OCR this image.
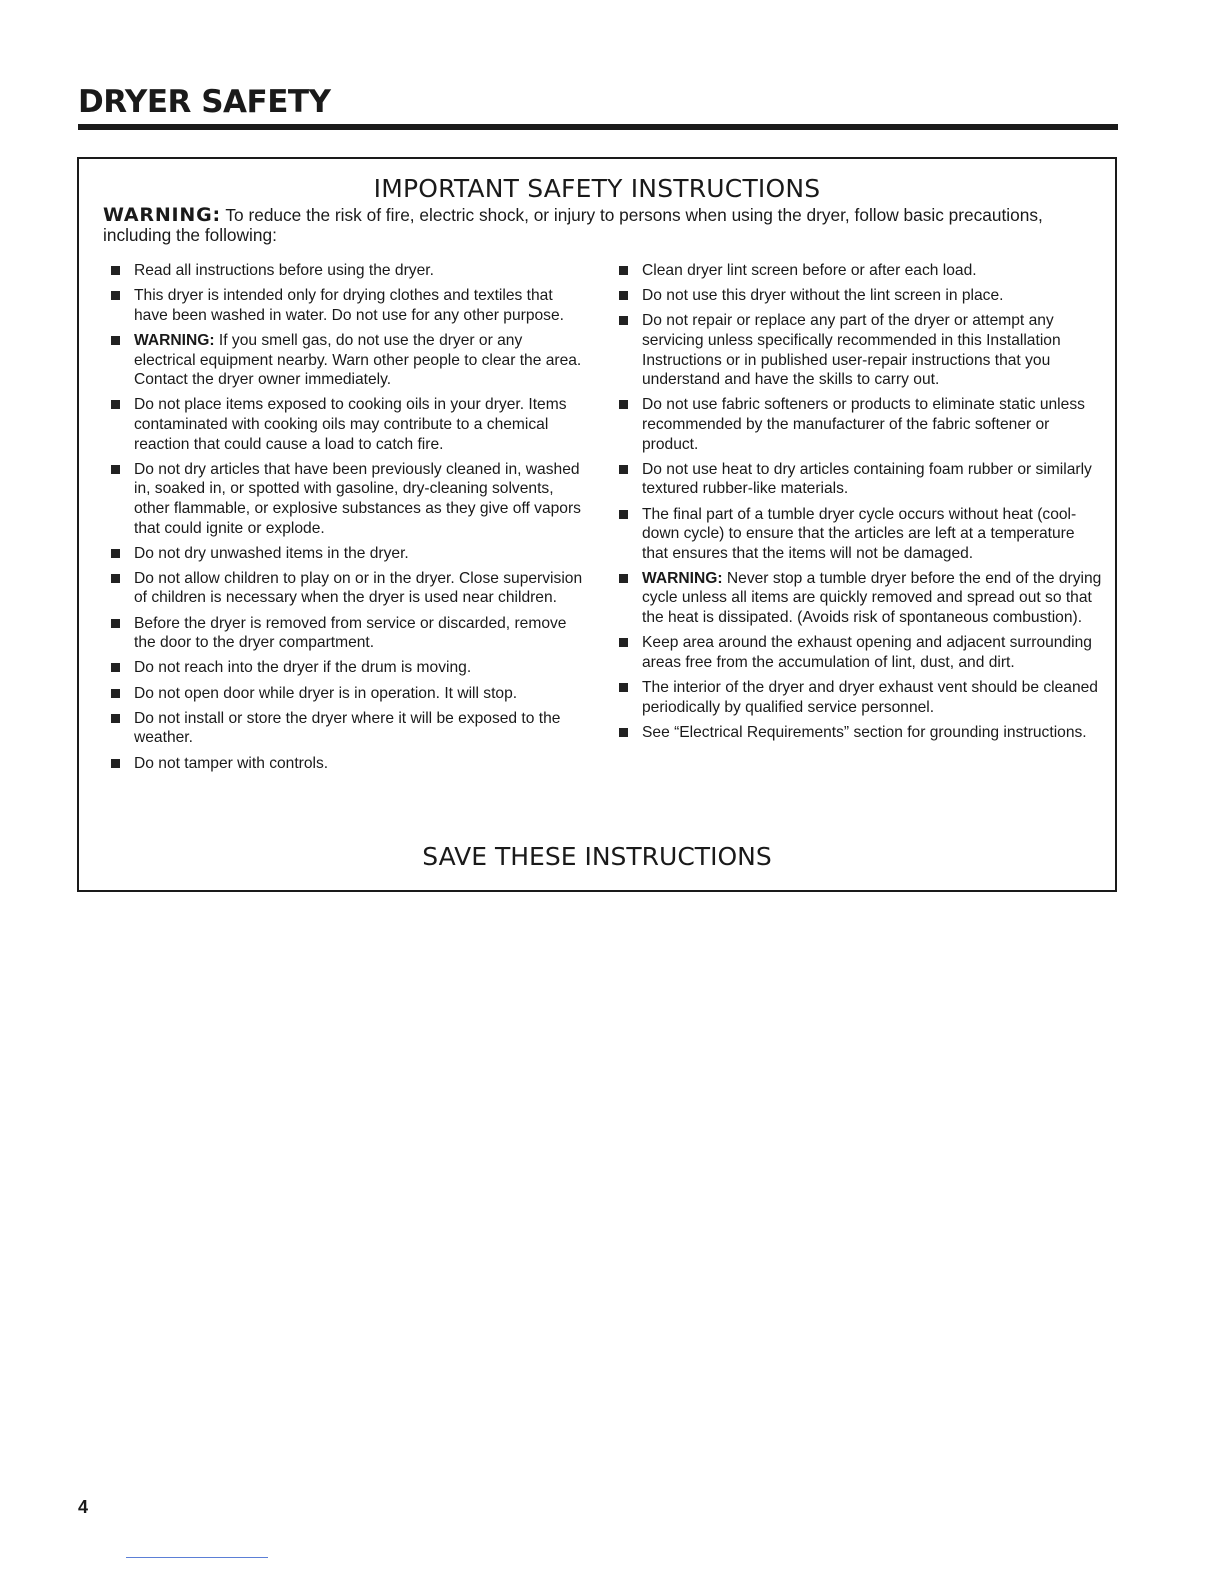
DRYER SAFETY
IMPORTANT SAFETY INSTRUCTIONS

WARNING: To reduce the risk of fire, electric shock, or injury to persons when using the dryer, follow basic precautions, including the following:

Read all instructions before using the dryer.
This dryer is intended only for drying clothes and textiles that have been washed in water. Do not use for any other purpose.
WARNING: If you smell gas, do not use the dryer or any electrical equipment nearby. Warn other people to clear the area. Contact the dryer owner immediately.
Do not place items exposed to cooking oils in your dryer. Items contaminated with cooking oils may contribute to a chemical reaction that could cause a load to catch fire.
Do not dry articles that have been previously cleaned in, washed in, soaked in, or spotted with gasoline, dry-cleaning solvents, other flammable, or explosive substances as they give off vapors that could ignite or explode.
Do not dry unwashed items in the dryer.
Do not allow children to play on or in the dryer. Close supervision of children is necessary when the dryer is used near children.
Before the dryer is removed from service or discarded, remove the door to the dryer compartment.
Do not reach into the dryer if the drum is moving.
Do not open door while dryer is in operation. It will stop.
Do not install or store the dryer where it will be exposed to the weather.
Do not tamper with controls.
Clean dryer lint screen before or after each load.
Do not use this dryer without the lint screen in place.
Do not repair or replace any part of the dryer or attempt any servicing unless specifically recommended in this Installation Instructions or in published user-repair instructions that you understand and have the skills to carry out.
Do not use fabric softeners or products to eliminate static unless recommended by the manufacturer of the fabric softener or product.
Do not use heat to dry articles containing foam rubber or similarly textured rubber-like materials.
The final part of a tumble dryer cycle occurs without heat (cool-down cycle) to ensure that the articles are left at a temperature that ensures that the items will not be damaged.
WARNING: Never stop a tumble dryer before the end of the drying cycle unless all items are quickly removed and spread out so that the heat is dissipated. (Avoids risk of spontaneous combustion).
Keep area around the exhaust opening and adjacent surrounding areas free from the accumulation of lint, dust, and dirt.
The interior of the dryer and dryer exhaust vent should be cleaned periodically by qualified service personnel.
See “Electrical Requirements” section for grounding instructions.
SAVE THESE INSTRUCTIONS
4
